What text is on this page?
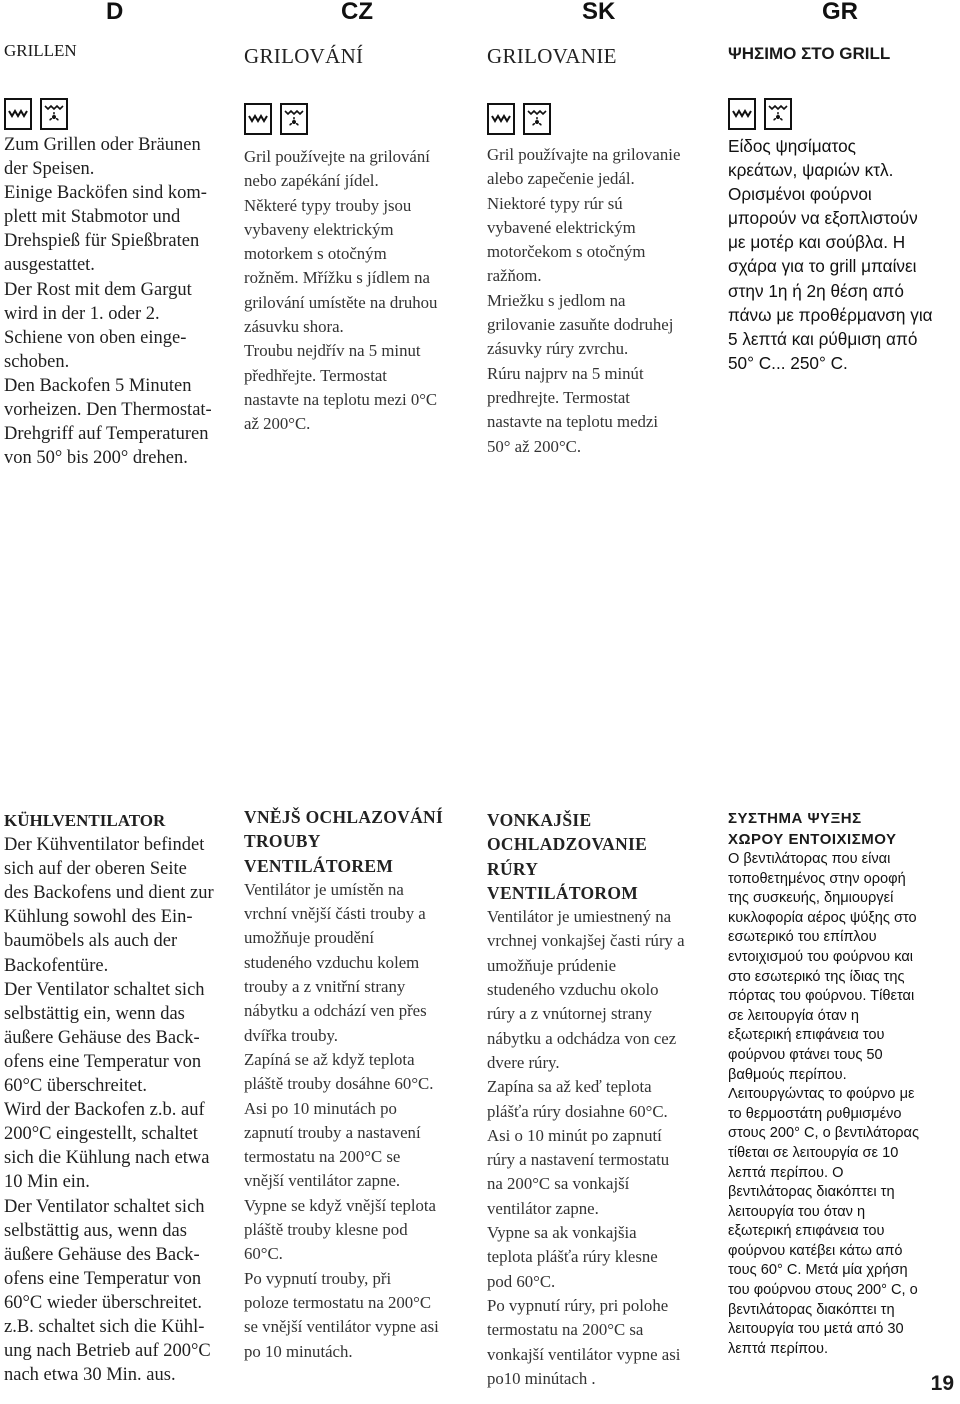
D	CZ	SK	GR
GRILLEN	GRILOVÁNÍ	GRILOVANIE	ΨΗΣΙΜΟ ΣΤΟ GRILL
Zum Grillen oder Bräunen
der Speisen.
Einige Backöfen sind kom-
plett mit Stabmotor und
Drehspieß für Spießbraten
ausgestattet.
Der Rost mit dem Gargut
wird in der 1. oder 2.
Schiene von oben einge-
schoben.
Den Backofen 5 Minuten
vorheizen. Den Thermostat-
Drehgriff auf Temperaturen
von 50° bis 200° drehen.
Gril používejte na grilování
nebo zapékání jídel.
Některé typy trouby jsou
vybaveny elektrickým
motorkem s otočným
rožněm. Mřížku s jídlem na
grilování umístěte na druhou
zásuvku shora.
Troubu nejdřív na 5 minut
předhřejte. Termostat
nastavte na teplotu mezi 0°C
až 200°C.
Gril používajte na grilovanie
alebo zapečenie jedál.
Niektoré typy rúr sú
vybavené elektrickým
motorčekom s otočným
ražňom.
Mriežku s jedlom na
grilovanie zasuňte dodruhej
zásuvky rúry zvrchu.
Rúru najprv na 5 minút
predhrejte. Termostat
nastavte na teplotu medzi
50° až 200°C.
Είδος ψησίματος
κρεάτων, ψαριών κτλ.
Ορισμένοι φούρνοι
μπορούν να εξοπλιστούν
με μοτέρ και σούβλα. Η
σχάρα για το grill μπαίνει
στην 1η ή 2η θέση από
πάνω με προθέρμανση για
5 λεπτά και ρύθμιση από
50° C... 250° C.
KÜHLVENTILATOR
Der Kühventilator befindet
sich auf der oberen Seite
des Backofens und dient zur
Kühlung sowohl des Ein-
baumöbels als auch der
Backofentüre.
Der Ventilator schaltet sich
selbstättig ein, wenn das
äußere Gehäuse des Back-
ofens eine Temperatur von
60°C überschreitet.
Wird der Backofen z.b. auf
200°C eingestellt, schaltet
sich die Kühlung nach etwa
10 Min ein.
Der Ventilator schaltet sich
selbstättig aus, wenn das
äußere Gehäuse des Back-
ofens eine Temperatur von
60°C wieder überschreitet.
z.B. schaltet sich die Kühl-
ung nach Betrieb auf 200°C
nach etwa 30 Min. aus.
VNĚJŠ OCHLAZOVÁNÍ
TROUBY
VENTILÁTOREM
Ventilátor je umístěn na
vrchní vnější části trouby a
umožňuje proudění
studeného vzduchu kolem
trouby a z vnitřní strany
nábytku a odchází ven přes
dvířka trouby.
Zapíná se až když teplota
pláště trouby dosáhne 60°C.
Asi po 10 minutách po
zapnutí trouby a nastavení
termostatu na 200°C se
vnější ventilátor zapne.
Vypne se když vnější teplota
pláště trouby klesne pod
60°C.
Po vypnutí trouby, při
poloze termostatu na 200°C
se vnější ventilátor vypne asi
po 10 minutách.
VONKAJŠIE
OCHLADZOVANIE
RÚRY
VENTILÁTOROM
Ventilátor je umiestnený na
vrchnej vonkajšej časti rúry a
umožňuje prúdenie
studeného vzduchu okolo
rúry a z vnútornej strany
nábytku a odchádza von cez
dvere rúry.
Zapína sa až keď teplota
plášťa rúry dosiahne 60°C.
Asi o 10 minút po zapnutí
rúry a nastavení termostatu
na 200°C sa vonkajší
ventilátor zapne.
Vypne sa ak vonkajšia
teplota plášťa rúry klesne
pod 60°C.
Po vypnutí rúry, pri polohe
termostatu na 200°C sa
vonkajší ventilátor vypne asi
po10 minútach .
ΣΥΣΤΗΜΑ ΨΥΞΗΣ
ΧΩΡΟΥ ΕΝΤΟΙΧΙΣΜΟΥ
Ο βεντιλάτορας που είναι
τοποθετημένος στην οροφή
της συσκευής, δημιουργεί
κυκλοφορία αέρος ψύξης στο
εσωτερικό του επίπλου
εντοιχισμού του φούρνου και
στο εσωτερικό της ίδιας της
πόρτας του φούρνου. Τίθεται
σε λειτουργία όταν η
εξωτερική επιφάνεια του
φούρνου φτάνει τους 50
βαθμούς περίπου.
Λειτουργώντας το φούρνο με
το θερμοστάτη ρυθμισμένο
στους 200° C, ο βεντιλάτορας
τίθεται σε λειτουργία σε 10
λεπτά περίπου. Ο
βεντιλάτορας διακόπτει τη
λειτουργία του όταν η
εξωτερική επιφάνεια του
φούρνου κατέβει κάτω από
τους 60° C. Μετά μία χρήση
του φούρνου στους 200° C, ο
βεντιλάτορας διακόπτει τη
λειτουργία του μετά από 30
λεπτά περίπου.
19
